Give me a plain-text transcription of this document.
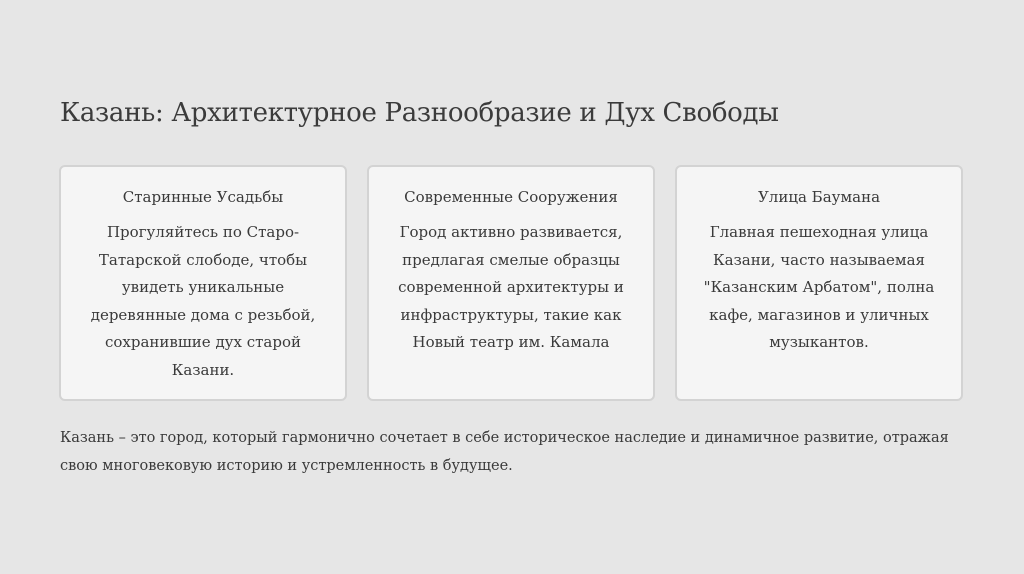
Казань: Архитектурное Разнообразие и Дух Свободы
Старинные Усадьбы
Прогуляйтесь по Старо-Татарской слободе, чтобы увидеть уникальные деревянные дома с резьбой, сохранившие дух старой Казани.
Современные Сооружения
Город активно развивается, предлагая смелые образцы современной архитектуры и инфраструктуры, такие как Новый театр им. Камала
Улица Баумана
Главная пешеходная улица Казани, часто называемая "Казанским Арбатом", полна кафе, магазинов и уличных музыкантов.

Казань – это город, который гармонично сочетает в себе историческое наследие и динамичное развитие, отражая свою многовековую историю и устремленность в будущее.
